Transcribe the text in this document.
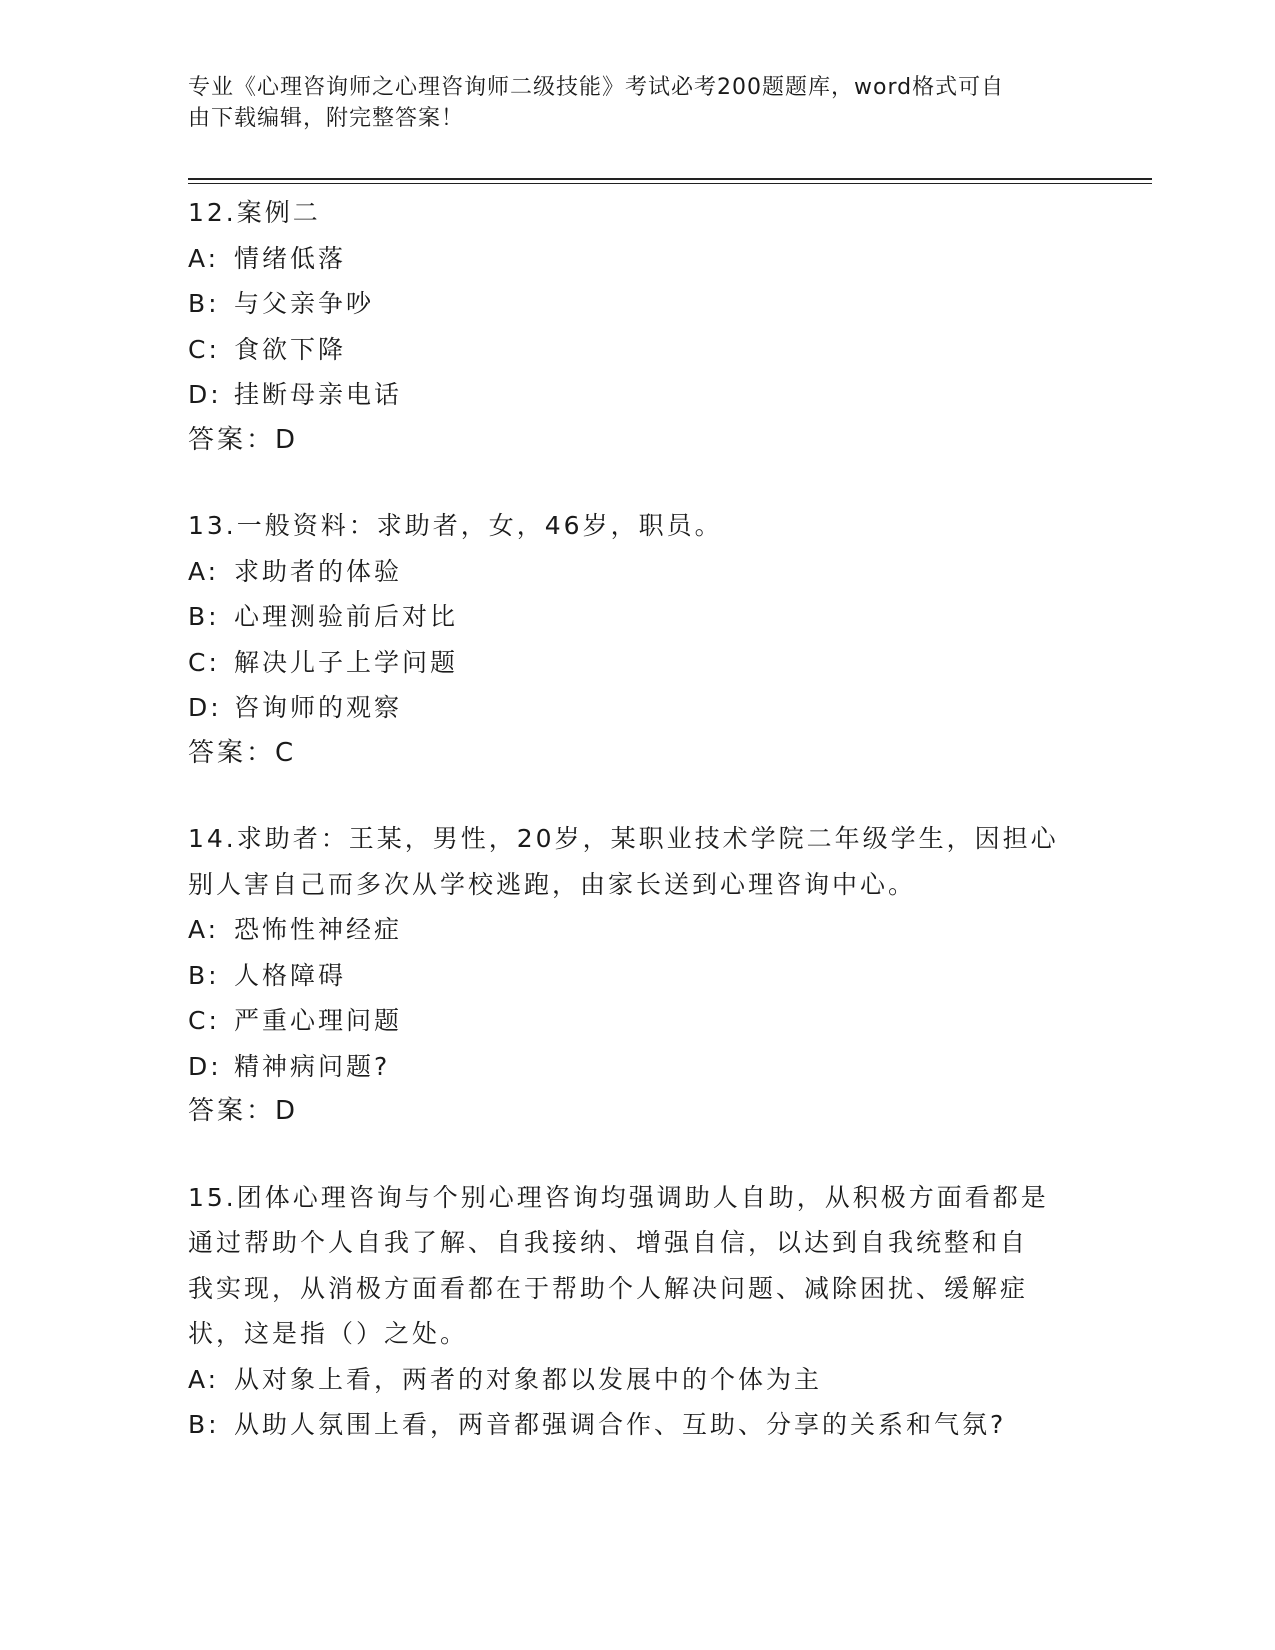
专业《心理咨询师之心理咨询师二级技能》考试必考200题题库，word格式可自
由下载编辑，附完整答案！
12.案例二
A: 情绪低落
B: 与父亲争吵
C: 食欲下降
D: 挂断母亲电话
答案：D
13.一般资料：求助者，女，46岁，职员。
A: 求助者的体验
B: 心理测验前后对比
C: 解决儿子上学问题
D: 咨询师的观察
答案：C
14.求助者：王某，男性，20岁，某职业技术学院二年级学生，因担心
别人害自己而多次从学校逃跑，由家长送到心理咨询中心。
A: 恐怖性神经症
B: 人格障碍
C: 严重心理问题
D: 精神病问题?
答案：D
15.团体心理咨询与个别心理咨询均强调助人自助，从积极方面看都是
通过帮助个人自我了解、自我接纳、增强自信，以达到自我统整和自
我实现，从消极方面看都在于帮助个人解决问题、减除困扰、缓解症
状，这是指（）之处。
A: 从对象上看，两者的对象都以发展中的个体为主
B: 从助人氛围上看，两音都强调合作、互助、分享的关系和气氛?
